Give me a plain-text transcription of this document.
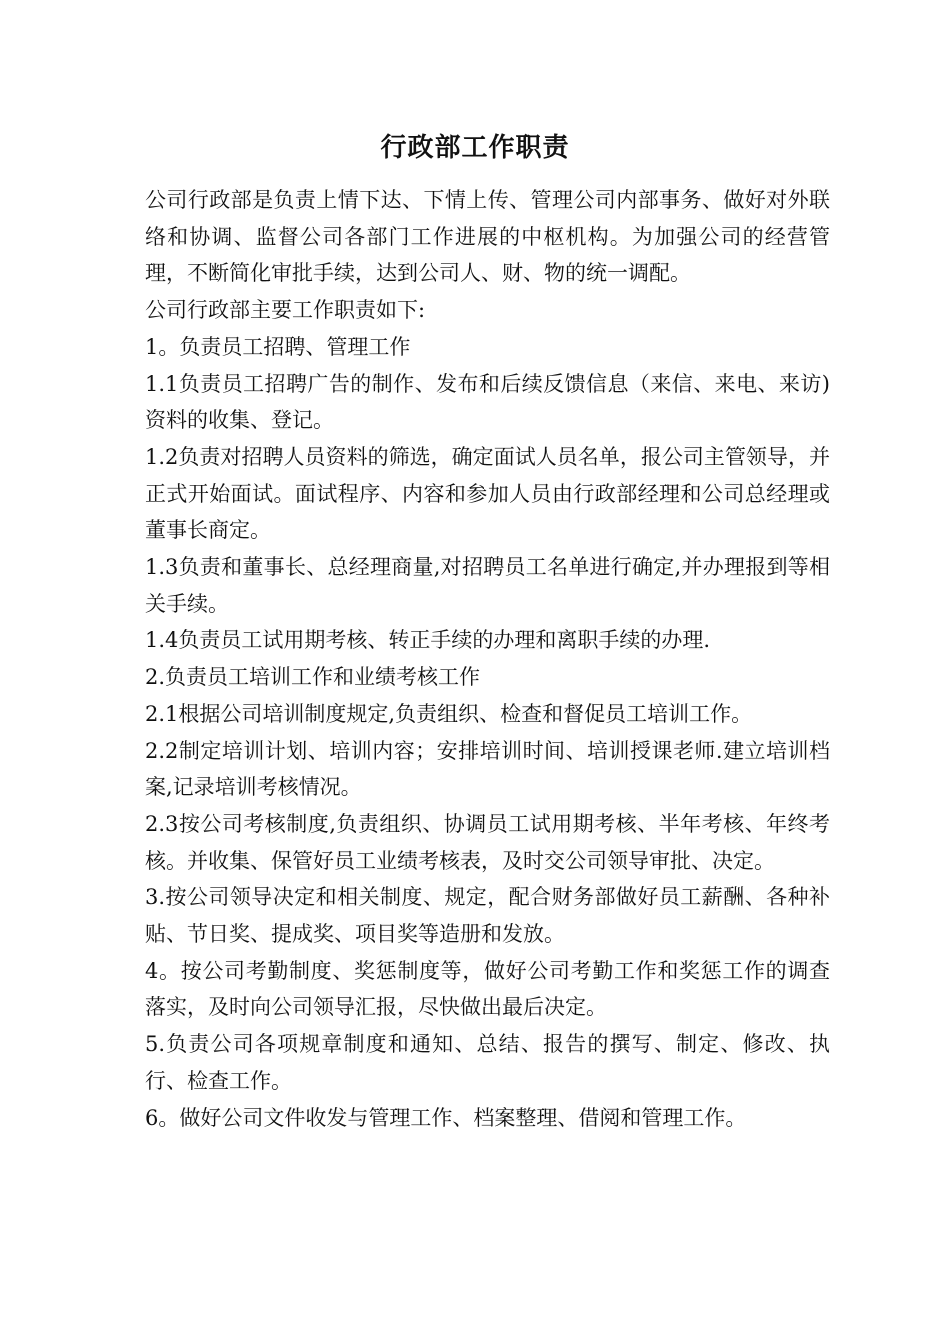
行政部工作职责

公司行政部是负责上情下达、下情上传、管理公司内部事务、做好对外联络和协调、监督公司各部门工作进展的中枢机构。为加强公司的经营管理，不断简化审批手续，达到公司人、财、物的统一调配。

公司行政部主要工作职责如下:

1。负责员工招聘、管理工作

1.1负责员工招聘广告的制作、发布和后续反馈信息（来信、来电、来访)资料的收集、登记。

1.2负责对招聘人员资料的筛选，确定面试人员名单，报公司主管领导，并正式开始面试。面试程序、内容和参加人员由行政部经理和公司总经理或董事长商定。

1.3负责和董事长、总经理商量,对招聘员工名单进行确定,并办理报到等相关手续。

1.4负责员工试用期考核、转正手续的办理和离职手续的办理.

2.负责员工培训工作和业绩考核工作

2.1根据公司培训制度规定,负责组织、检查和督促员工培训工作。

2.2制定培训计划、培训内容；安排培训时间、培训授课老师.建立培训档案,记录培训考核情况。

2.3按公司考核制度,负责组织、协调员工试用期考核、半年考核、年终考核。并收集、保管好员工业绩考核表，及时交公司领导审批、决定。

3.按公司领导决定和相关制度、规定，配合财务部做好员工薪酬、各种补贴、节日奖、提成奖、项目奖等造册和发放。

4。按公司考勤制度、奖惩制度等，做好公司考勤工作和奖惩工作的调查落实，及时向公司领导汇报，尽快做出最后决定。

5.负责公司各项规章制度和通知、总结、报告的撰写、制定、修改、执行、检查工作。

6。做好公司文件收发与管理工作、档案整理、借阅和管理工作。
